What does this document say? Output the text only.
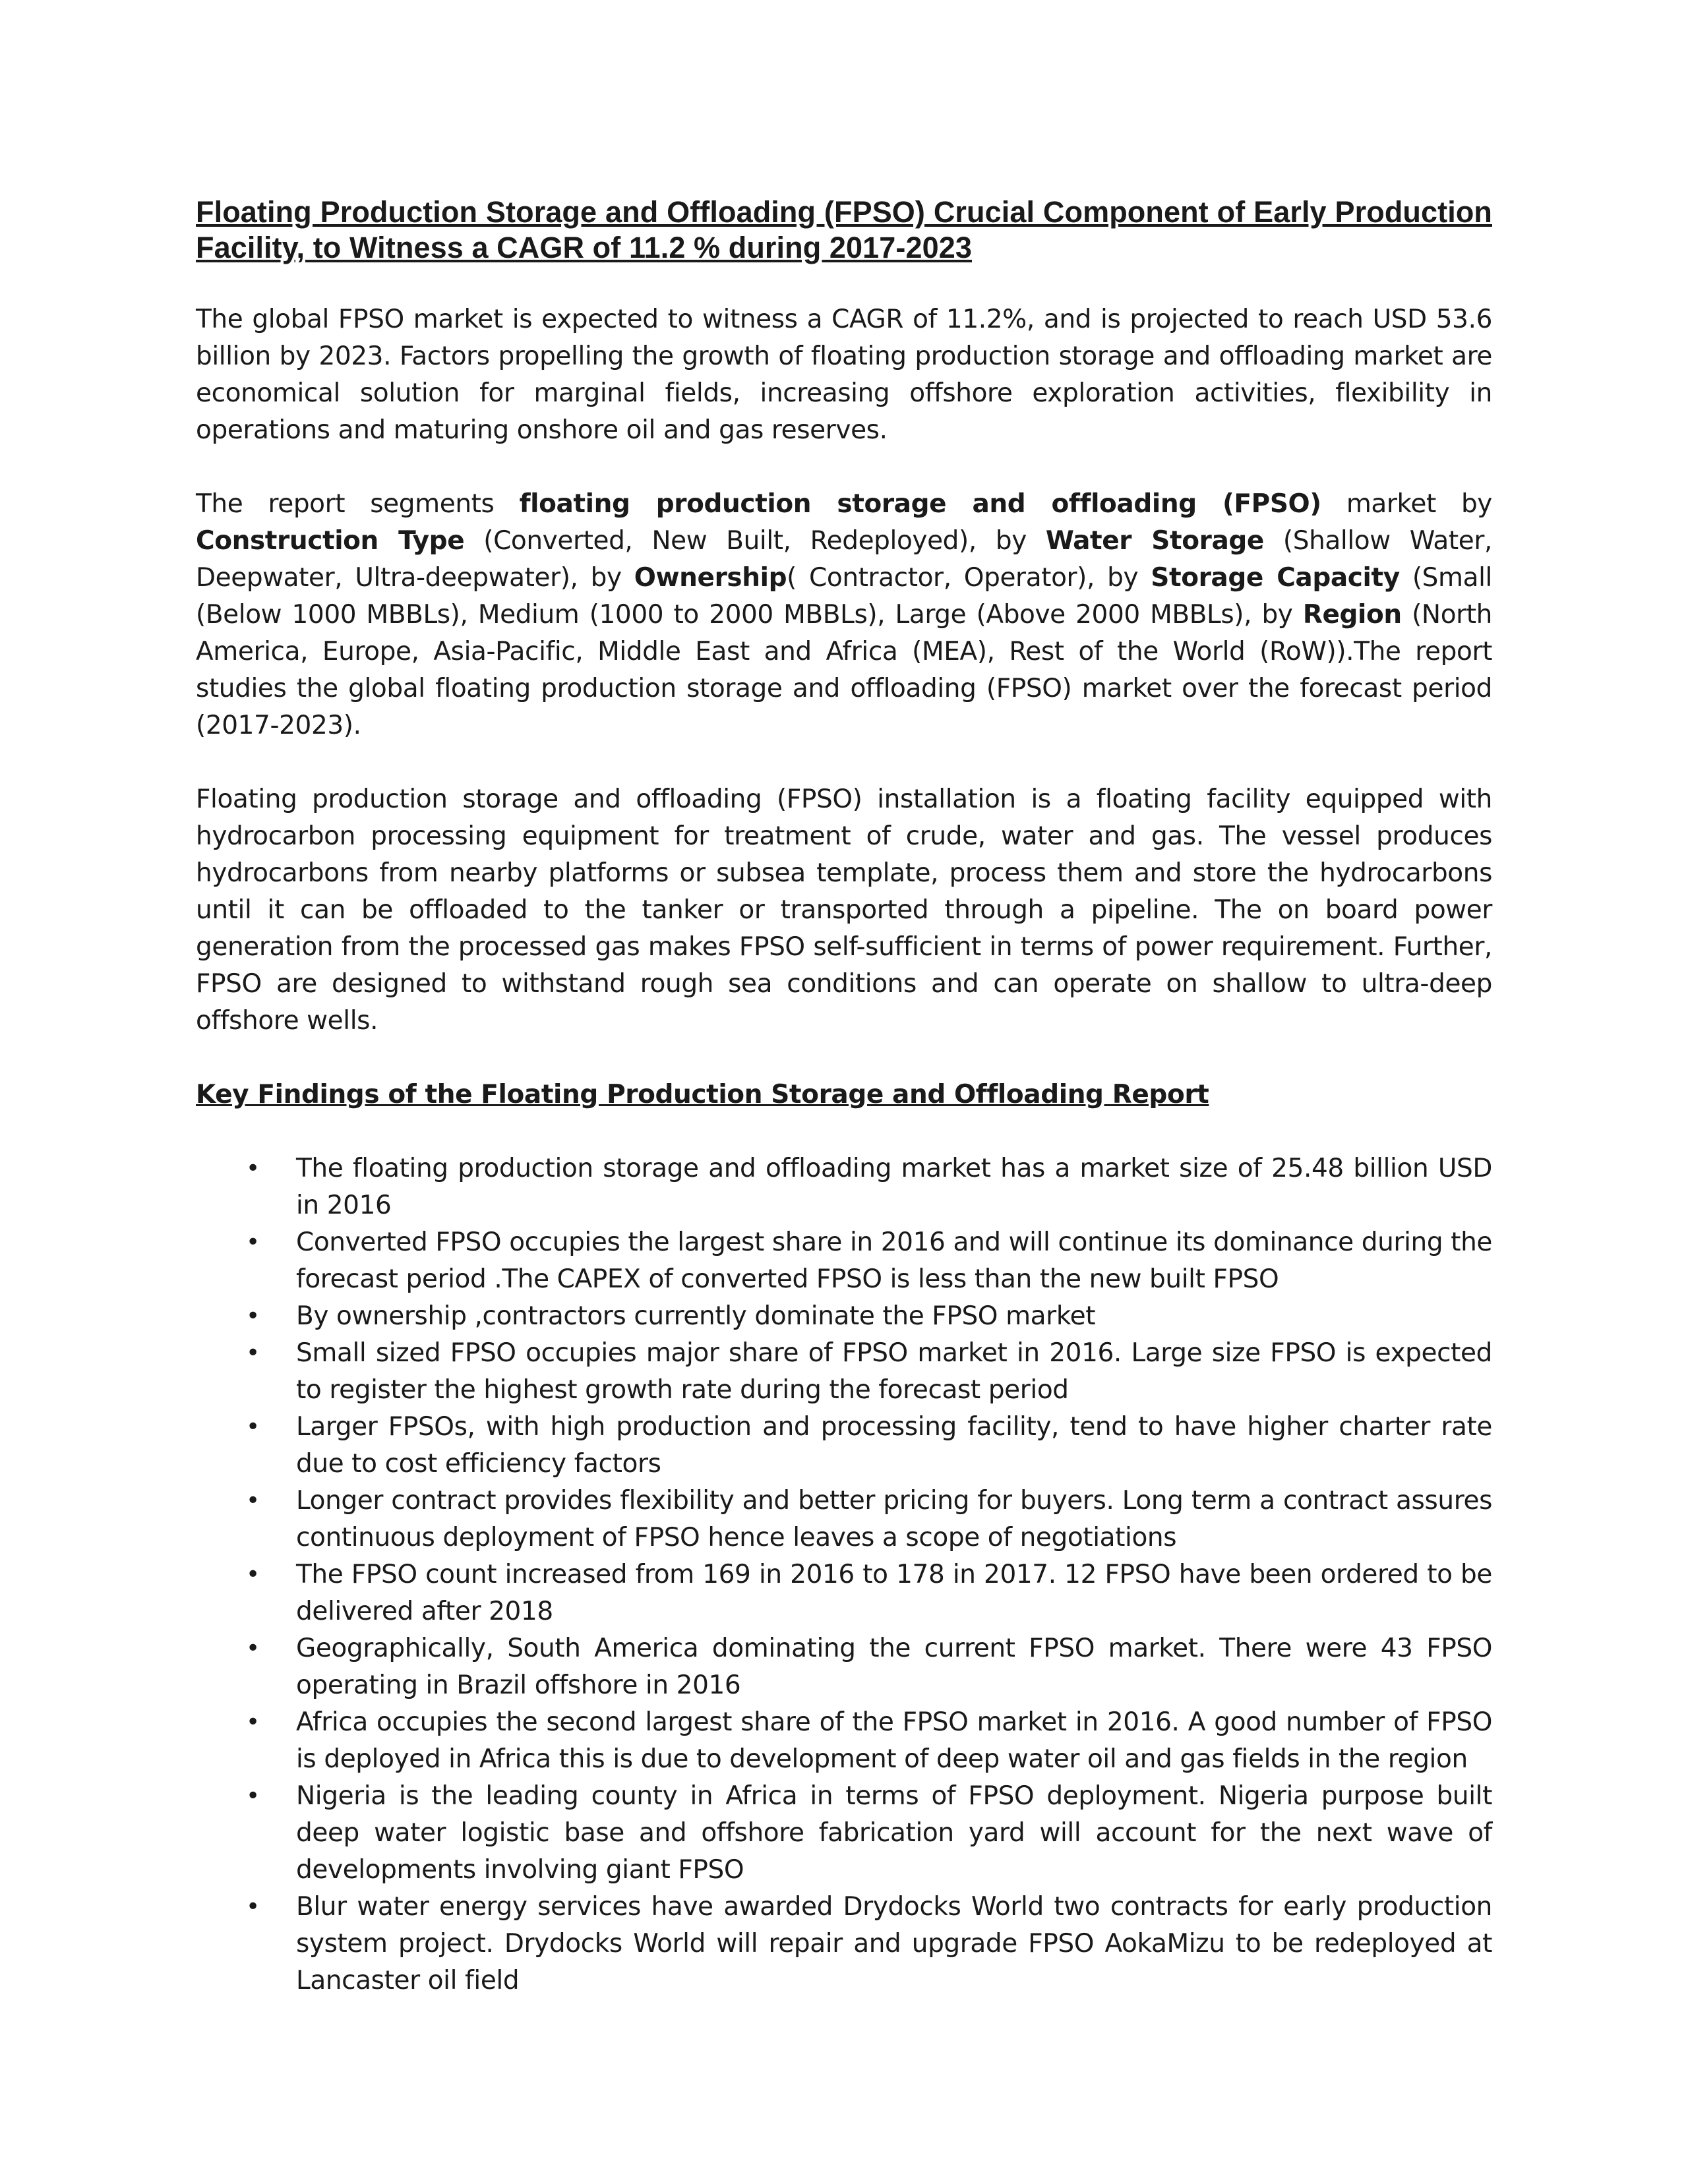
Floating Production Storage and Offloading (FPSO) Crucial Component of Early Production Facility, to Witness a CAGR of 11.2 % during 2017-2023

The global FPSO market is expected to witness a CAGR of 11.2%, and is projected to reach USD 53.6 billion by 2023. Factors propelling the growth of floating production storage and offloading market are economical solution for marginal fields, increasing offshore exploration activities, flexibility in operations and maturing onshore oil and gas reserves.

The report segments floating production storage and offloading (FPSO) market by Construction Type (Converted, New Built, Redeployed), by Water Storage (Shallow Water, Deepwater, Ultra-deepwater), by Ownership( Contractor, Operator), by Storage Capacity (Small (Below 1000 MBBLs), Medium (1000 to 2000 MBBLs), Large (Above 2000 MBBLs), by Region (North America, Europe, Asia-Pacific, Middle East and Africa (MEA), Rest of the World (RoW)).The report studies the global floating production storage and offloading (FPSO) market over the forecast period (2017-2023).

Floating production storage and offloading (FPSO) installation is a floating facility equipped with hydrocarbon processing equipment for treatment of crude, water and gas. The vessel produces hydrocarbons from nearby platforms or subsea template, process them and store the hydrocarbons until it can be offloaded to the tanker or transported through a pipeline. The on board power generation from the processed gas makes FPSO self-sufficient in terms of power requirement. Further, FPSO are designed to withstand rough sea conditions and can operate on shallow to ultra-deep offshore wells.

Key Findings of the Floating Production Storage and Offloading Report
• The floating production storage and offloading market has a market size of 25.48 billion USD in 2016
• Converted FPSO occupies the largest share in 2016 and will continue its dominance during the forecast period .The CAPEX of converted FPSO is less than the new built FPSO
• By ownership ,contractors currently dominate the FPSO market
• Small sized FPSO occupies major share of FPSO market in 2016. Large size FPSO is expected to register the highest growth rate during the forecast period
• Larger FPSOs, with high production and processing facility, tend to have higher charter rate due to cost efficiency factors
• Longer contract provides flexibility and better pricing for buyers. Long term a contract assures continuous deployment of FPSO hence leaves a scope of negotiations
• The FPSO count increased from 169 in 2016 to 178 in 2017. 12 FPSO have been ordered to be delivered after 2018
• Geographically, South America dominating the current FPSO market. There were 43 FPSO operating in Brazil offshore in 2016
• Africa occupies the second largest share of the FPSO market in 2016. A good number of FPSO is deployed in Africa this is due to development of deep water oil and gas fields in the region
• Nigeria is the leading county in Africa in terms of FPSO deployment. Nigeria purpose built deep water logistic base and offshore fabrication yard will account for the next wave of developments involving giant FPSO
• Blur water energy services have awarded Drydocks World two contracts for early production system project. Drydocks World will repair and upgrade FPSO AokaMizu to be redeployed at Lancaster oil field
